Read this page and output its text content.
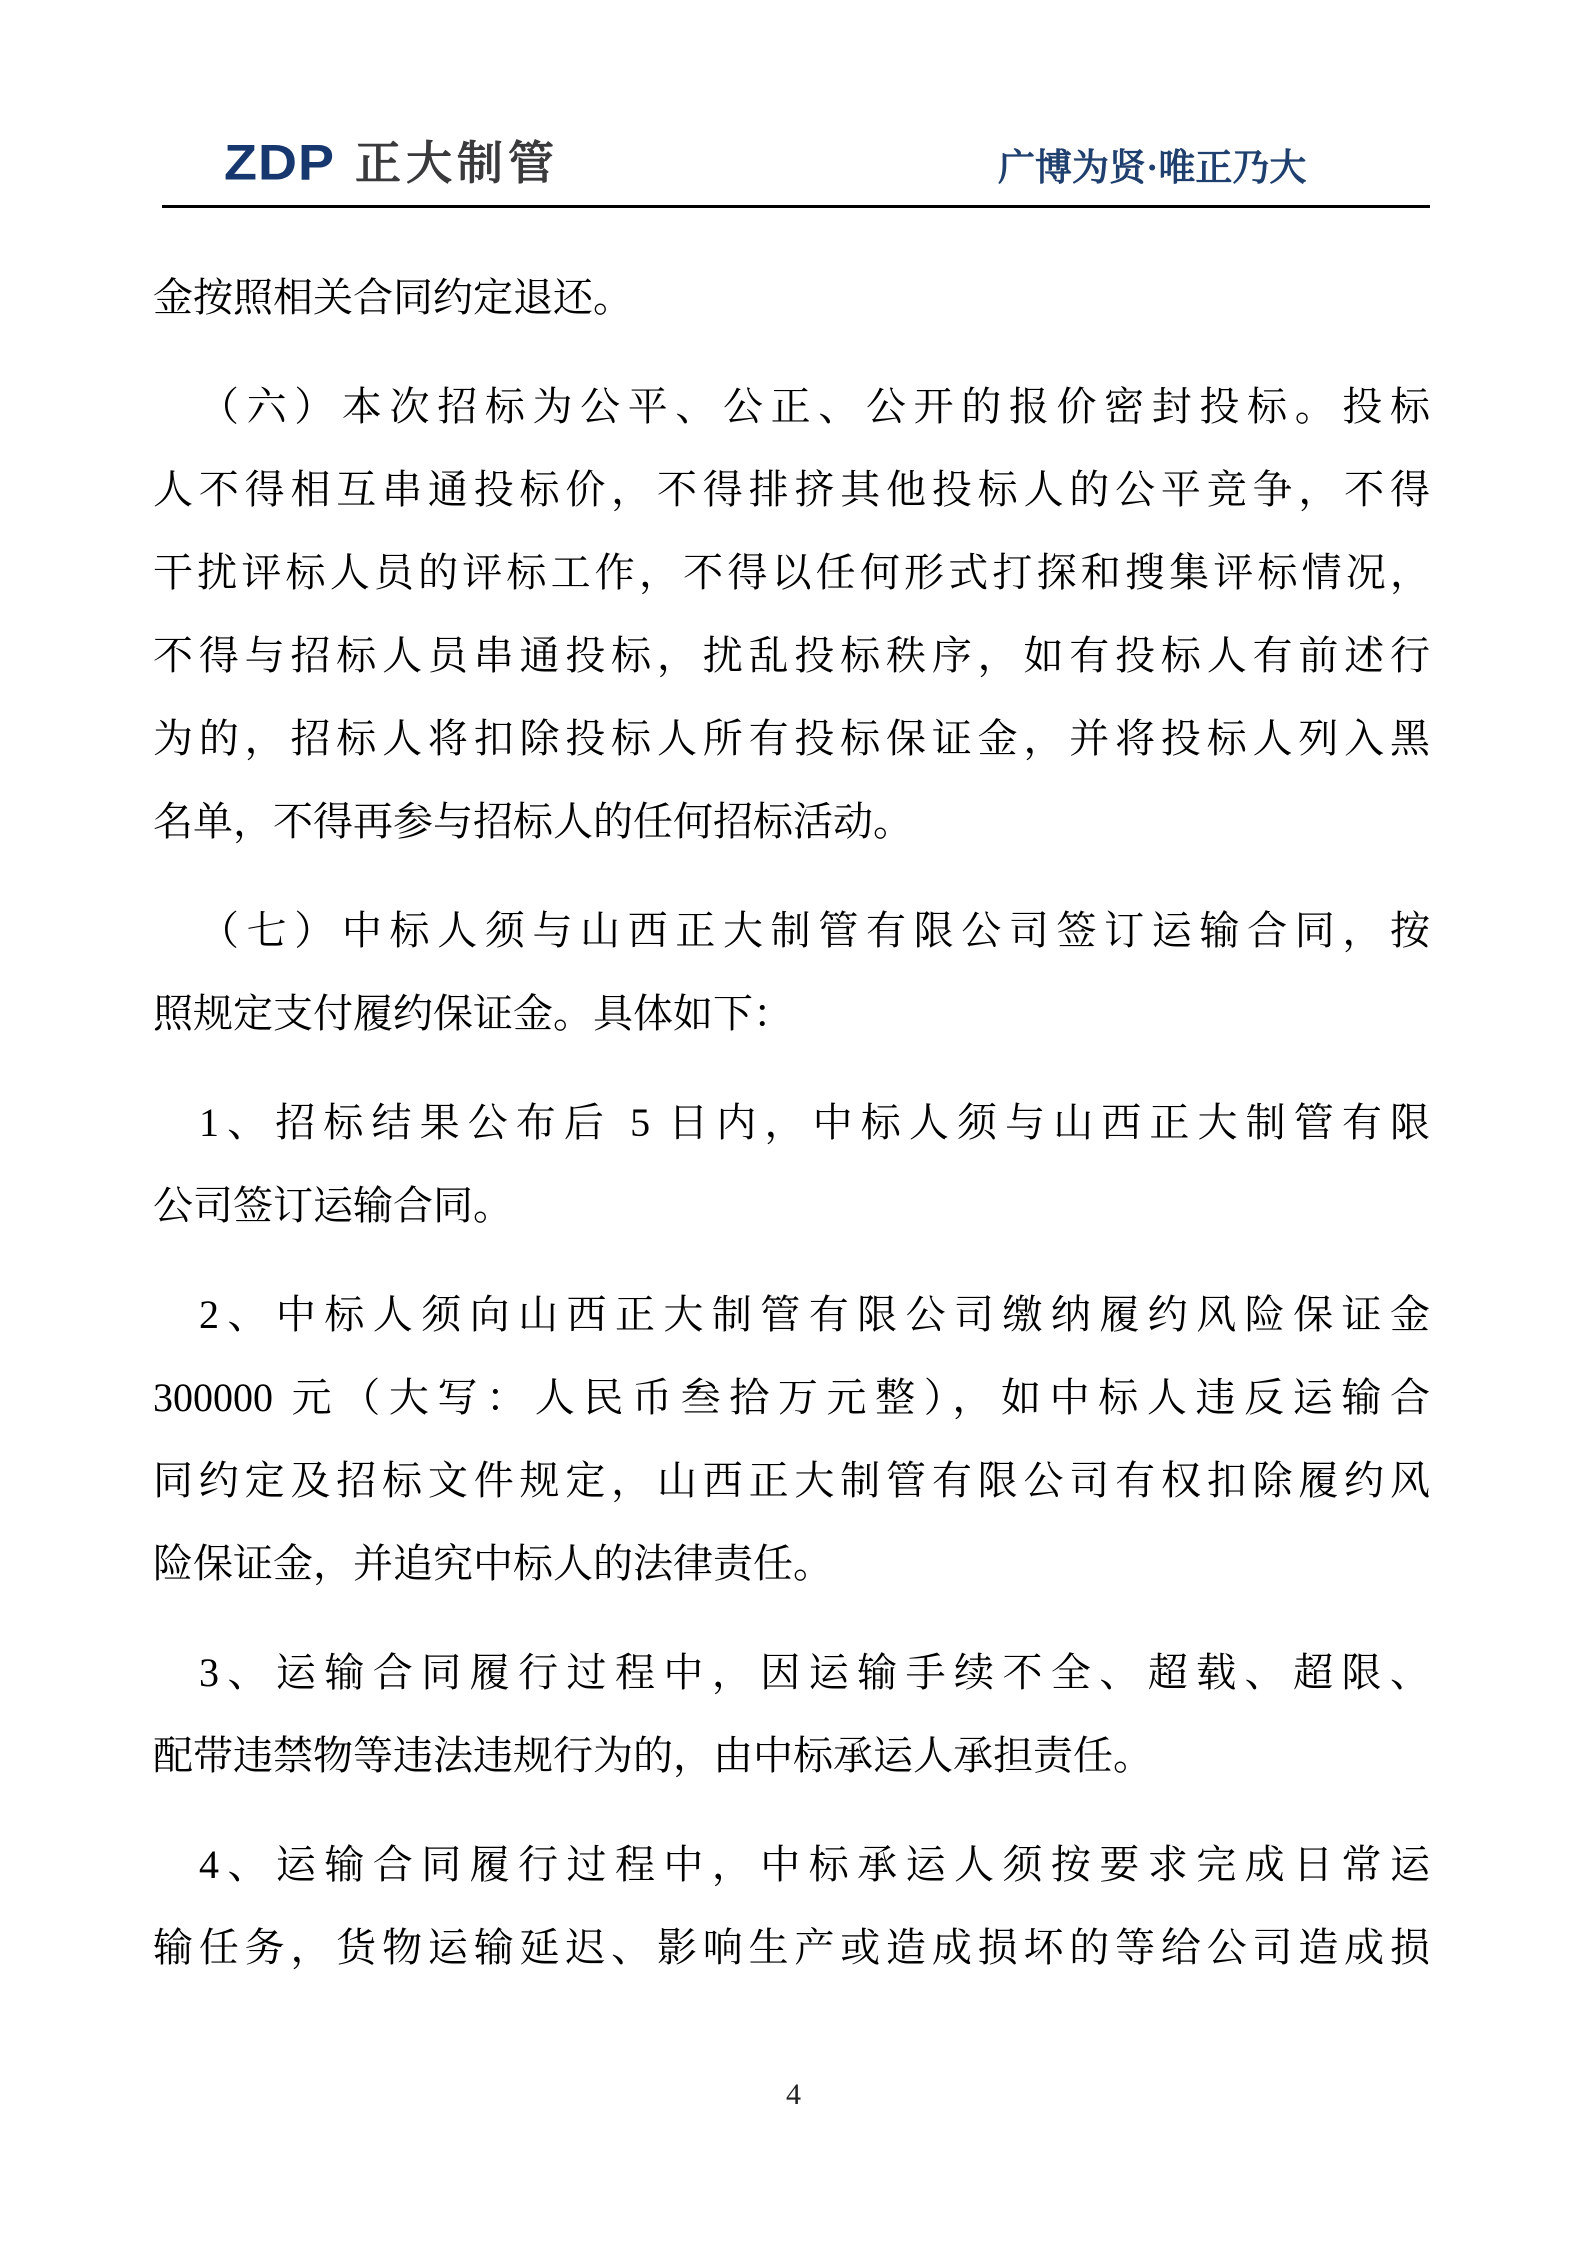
ZDP 正大制管	广博为贤·唯正乃大
金按照相关合同约定退还。
（六）本次招标为公平、公正、公开的报价密封投标。投标
人不得相互串通投标价，不得排挤其他投标人的公平竞争，不得
干扰评标人员的评标工作，不得以任何形式打探和搜集评标情况，
不得与招标人员串通投标，扰乱投标秩序，如有投标人有前述行
为的，招标人将扣除投标人所有投标保证金，并将投标人列入黑
名单，不得再参与招标人的任何招标活动。
（七）中标人须与山西正大制管有限公司签订运输合同，按
照规定支付履约保证金。具体如下：
1、招标结果公布后 5 日内，中标人须与山西正大制管有限
公司签订运输合同。
2、中标人须向山西正大制管有限公司缴纳履约风险保证金
300000 元（大写：人民币叁拾万元整），如中标人违反运输合
同约定及招标文件规定，山西正大制管有限公司有权扣除履约风
险保证金，并追究中标人的法律责任。
3、运输合同履行过程中，因运输手续不全、超载、超限、
配带违禁物等违法违规行为的，由中标承运人承担责任。
4、运输合同履行过程中，中标承运人须按要求完成日常运
输任务，货物运输延迟、影响生产或造成损坏的等给公司造成损
4
